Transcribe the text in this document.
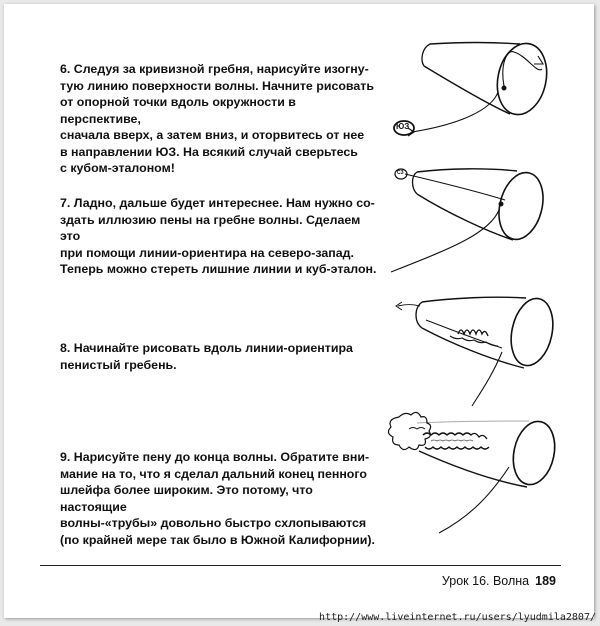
6. Следуя за кривизной гребня, нарисуйте изогну-
тую линию поверхности волны. Начните рисовать
от опорной точки вдоль окружности в перспективе,
сначала вверх, а затем вниз, и оторвитесь от нее
в направлении ЮЗ. На всякий случай сверьтесь
с кубом-эталоном!
7. Ладно, дальше будет интереснее. Нам нужно со-
здать иллюзию пены на гребне волны. Сделаем это
при помощи линии-ориентира на северо-запад.
Теперь можно стереть лишние линии и куб-эталон.
8. Начинайте рисовать вдоль линии-ориентира
пенистый гребень.
9. Нарисуйте пену до конца волны. Обратите вни-
мание на то, что я сделал дальний конец пенного
шлейфа более широким. Это потому, что настоящие
волны-«трубы» довольно быстро схлопываются
(по крайней мере так было в Южной Калифорнии).
ЮЗ
СЗ
Урок 16. Волна 189
http://www.liveinternet.ru/users/lyudmila2807/
